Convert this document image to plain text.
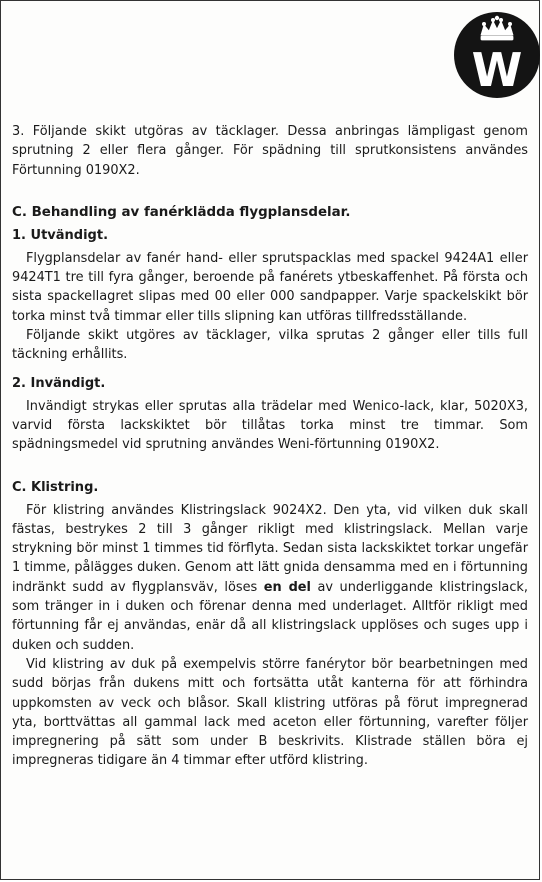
W

3. Följande skikt utgöras av täcklager. Dessa anbringas lämpligast genom sprutning 2 eller flera gånger. För spädning till sprutkonsistens användes Förtunning 0190X2.

C. Behandling av fanérklädda flygplansdelar.

1. Utvändigt.

Flygplansdelar av fanér hand- eller sprutspacklas med spackel 9424A1 eller 9424T1 tre till fyra gånger, beroende på fanérets ytbeskaffenhet. På första och sista spackellagret slipas med 00 eller 000 sandpapper. Varje spackelskikt bör torka minst två timmar eller tills slipning kan utföras tillfredsställande.

Följande skikt utgöres av täcklager, vilka sprutas 2 gånger eller tills full täckning erhållits.

2. Invändigt.

Invändigt strykas eller sprutas alla trädelar med Wenico-lack, klar, 5020X3, varvid första lackskiktet bör tillåtas torka minst tre timmar. Som spädningsmedel vid sprutning användes Weni-förtunning 0190X2.

C. Klistring.

För klistring användes Klistringslack 9024X2. Den yta, vid vilken duk skall fästas, bestrykes 2 till 3 gånger rikligt med klistringslack. Mellan varje strykning bör minst 1 timmes tid förflyta. Sedan sista lackskiktet torkar ungefär 1 timme, pålägges duken. Genom att lätt gnida densamma med en i förtunning indränkt sudd av flygplansväv, löses en del av underliggande klistringslack, som tränger in i duken och förenar denna med underlaget. Alltför rikligt med förtunning får ej användas, enär då all klistringslack upplöses och suges upp i duken och sudden.

Vid klistring av duk på exempelvis större fanérytor bör bearbetningen med sudd börjas från dukens mitt och fortsätta utåt kanterna för att förhindra uppkomsten av veck och blåsor. Skall klistring utföras på förut impregnerad yta, borttvättas all gammal lack med aceton eller förtunning, varefter följer impregnering på sätt som under B beskrivits. Klistrade ställen böra ej impregneras tidigare än 4 timmar efter utförd klistring.
